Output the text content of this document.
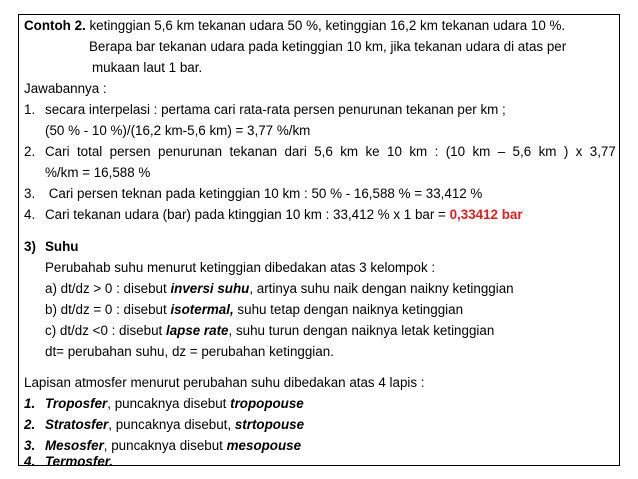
Contoh 2. ketinggian 5,6 km tekanan udara 50 %, ketinggian 16,2 km tekanan udara 10 %.
Berapa bar tekanan udara pada ketinggian 10 km, jika tekanan udara di atas per
mukaan laut 1 bar.
Jawabannya :
1. secara interpelasi : pertama cari rata-rata persen penurunan tekanan per km ;
(50 % - 10 %)/(16,2 km-5,6 km) = 3,77 %/km
2. Cari total persen penurunan tekanan dari 5,6 km ke 10 km : (10 km – 5,6 km ) x 3,77
%/km = 16,588 %
3. Cari persen teknan pada ketinggian 10 km : 50 % - 16,588 % = 33,412 %
4. Cari tekanan udara (bar) pada ktinggian 10 km : 33,412 % x 1 bar = 0,33412 bar
3) Suhu
Perubahab suhu menurut ketinggian dibedakan atas 3 kelompok :
a) dt/dz > 0 : disebut inversi suhu, artinya suhu naik dengan naikny ketinggian
b) dt/dz = 0 : disebut isotermal, suhu tetap dengan naiknya ketinggian
c) dt/dz <0 : disebut lapse rate, suhu turun dengan naiknya letak ketinggian
dt= perubahan suhu, dz = perubahan ketinggian.
Lapisan atmosfer menurut perubahan suhu dibedakan atas 4 lapis :
1. Troposfer, puncaknya disebut tropopouse
2. Stratosfer, puncaknya disebut, strtopouse
3. Mesosfer, puncaknya disebut mesopouse
4. Termosfer.
